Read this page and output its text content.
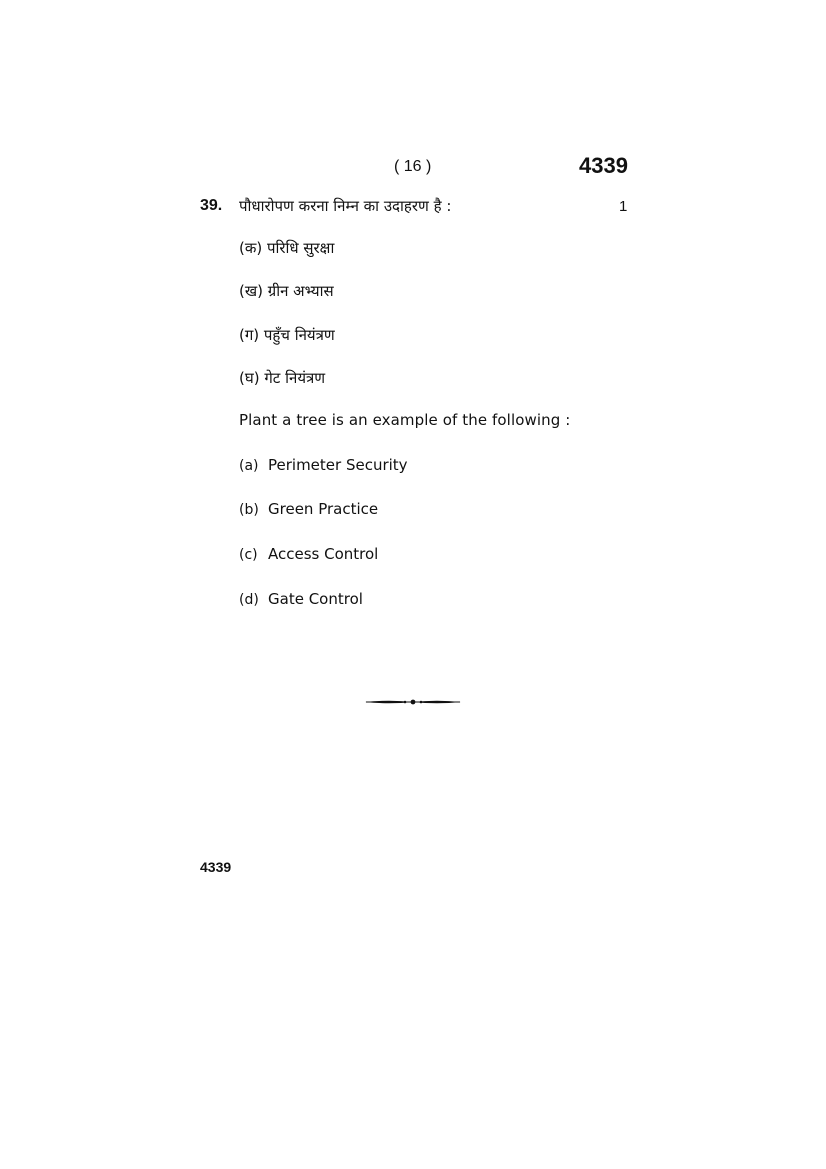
( 16 )	4339
39. पौधारोपण करना निम्न का उदाहरण है :	1
(क) परिधि सुरक्षा
(ख) ग्रीन अभ्यास
(ग) पहुँच नियंत्रण
(घ) गेट नियंत्रण
Plant a tree is an example of the following :
(a) Perimeter Security
(b) Green Practice
(c) Access Control
(d) Gate Control
4339
